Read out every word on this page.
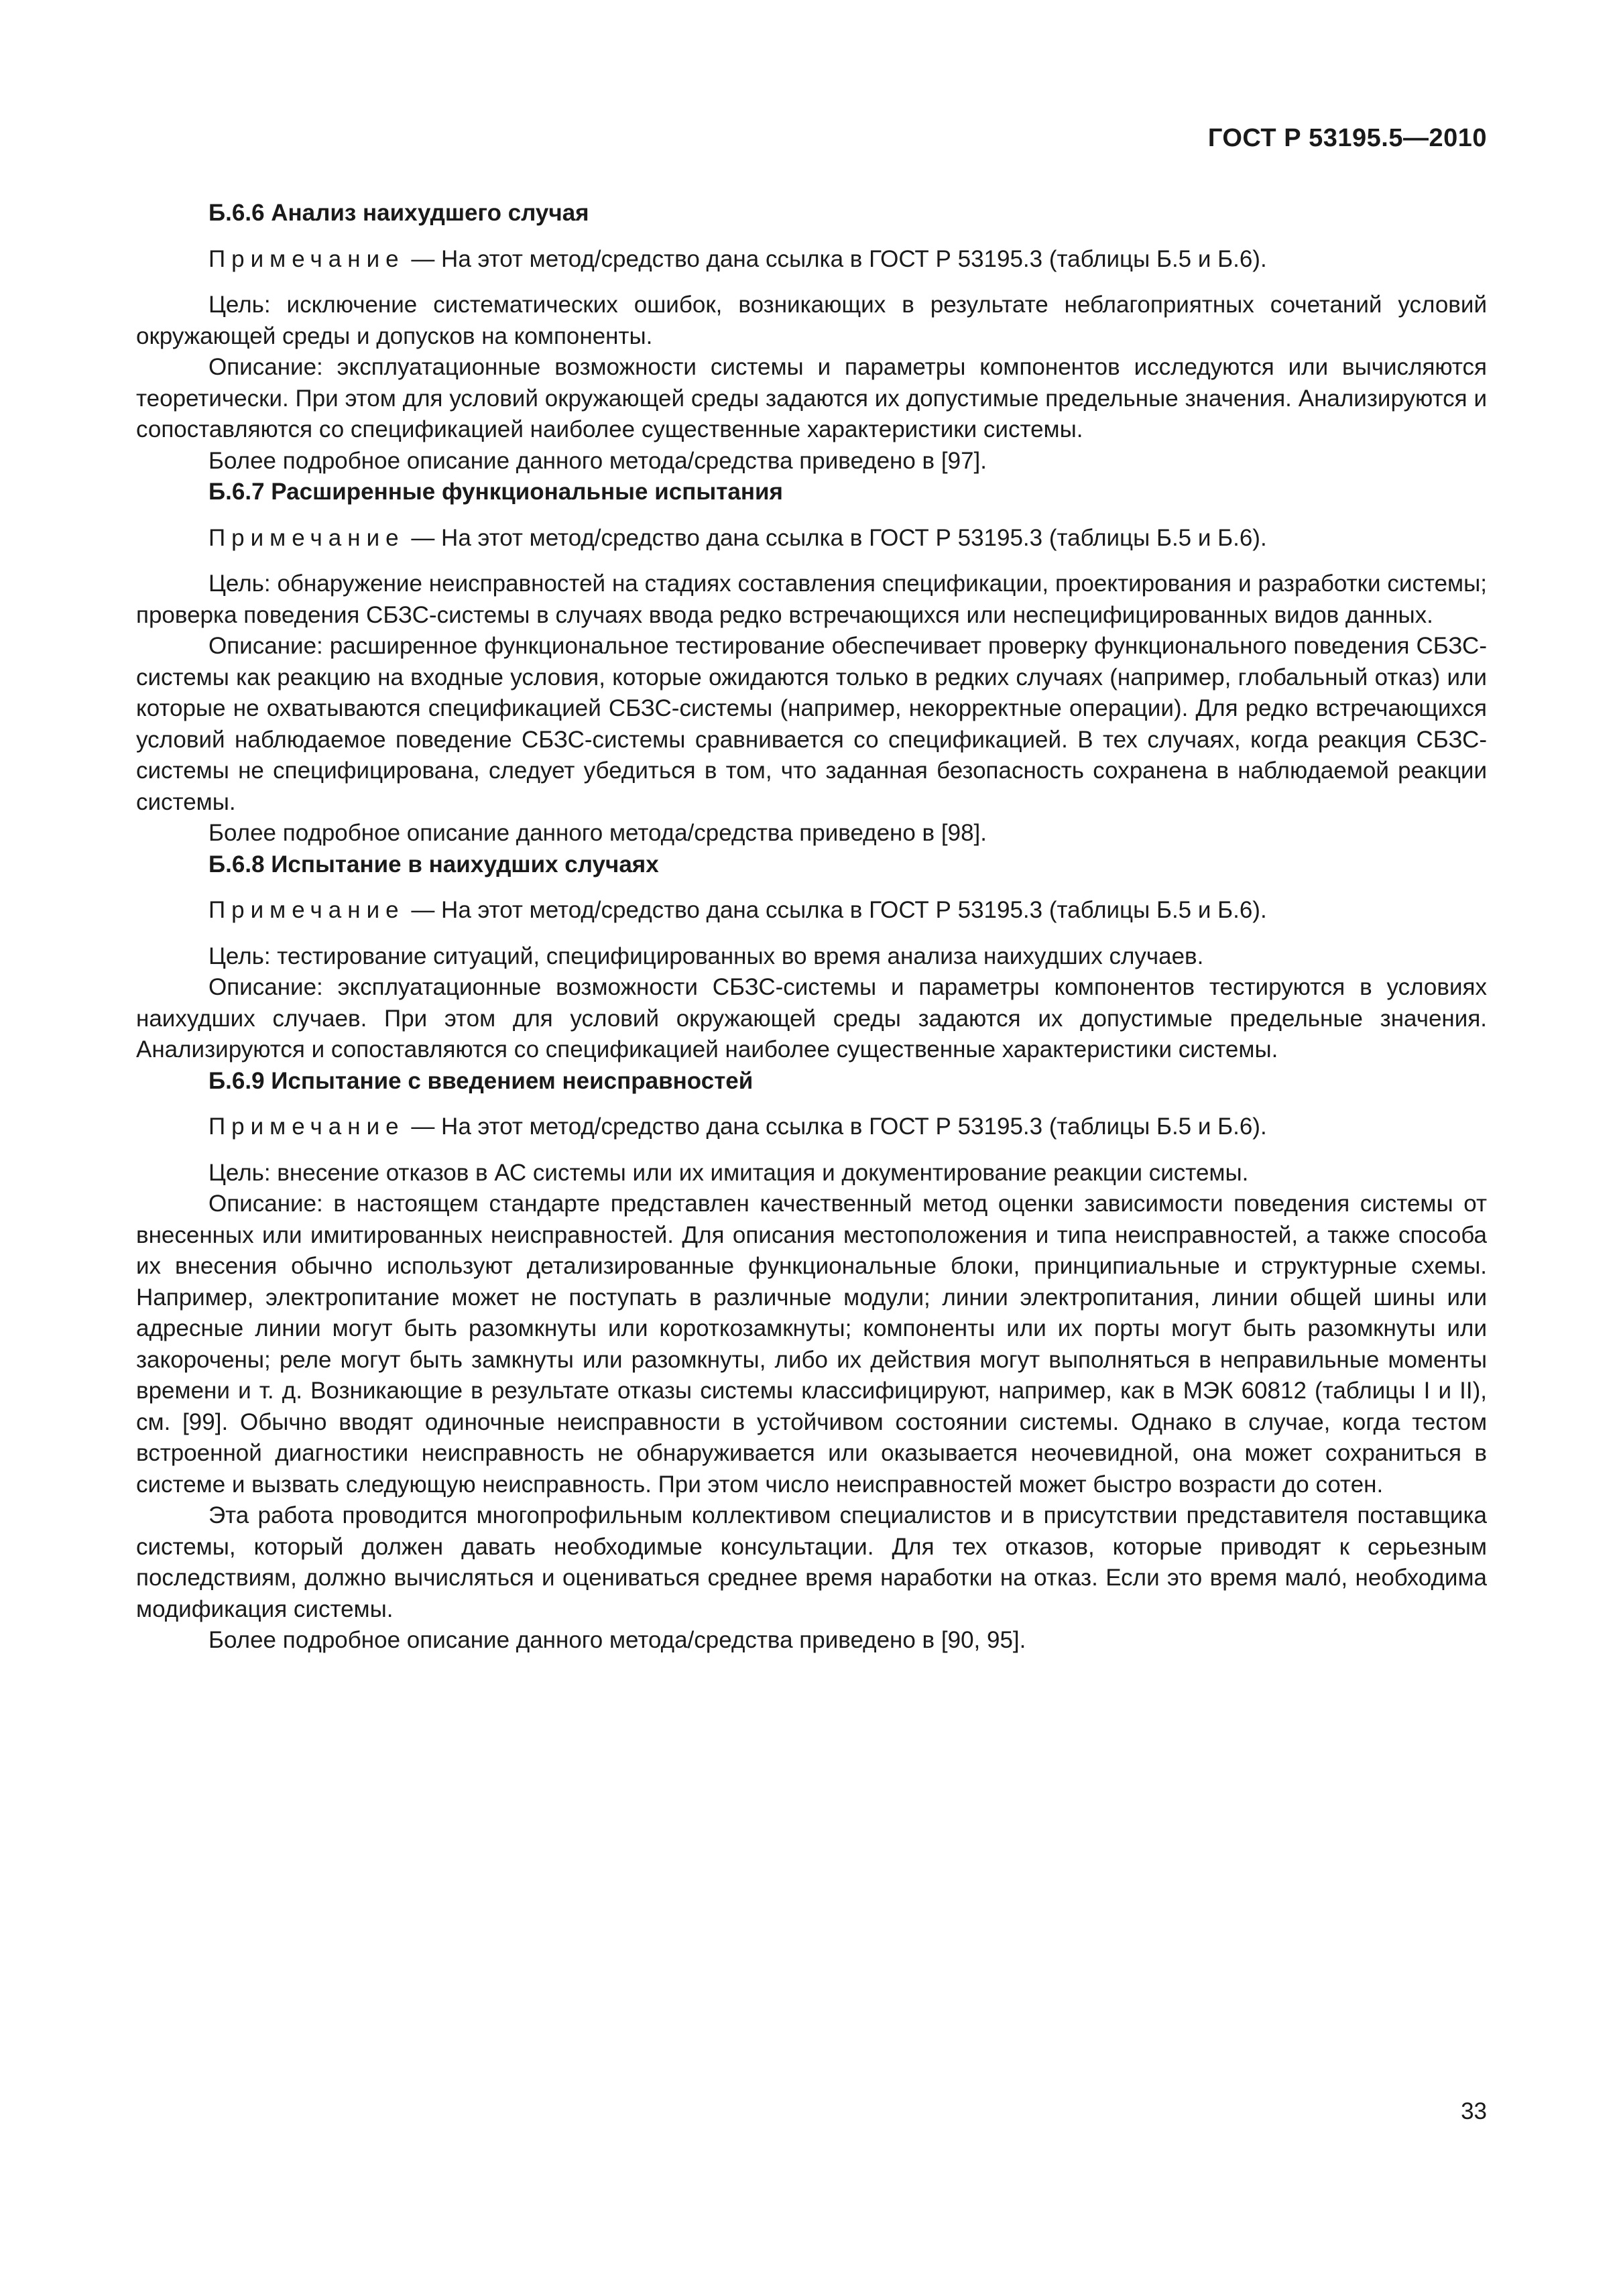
ГОСТ Р 53195.5—2010

Б.6.6 Анализ наихудшего случая

Примечание — На этот метод/средство дана ссылка в ГОСТ Р 53195.3 (таблицы Б.5 и Б.6).

Цель: исключение систематических ошибок, возникающих в результате неблагоприятных сочетаний условий окружающей среды и допусков на компоненты.

Описание: эксплуатационные возможности системы и параметры компонентов исследуются или вычисляются теоретически. При этом для условий окружающей среды задаются их допустимые предельные значения. Анализируются и сопоставляются со спецификацией наиболее существенные характеристики системы.

Более подробное описание данного метода/средства приведено в [97].

Б.6.7 Расширенные функциональные испытания

Примечание — На этот метод/средство дана ссылка в ГОСТ Р 53195.3 (таблицы Б.5 и Б.6).

Цель: обнаружение неисправностей на стадиях составления спецификации, проектирования и разработки системы; проверка поведения СБЗС-системы в случаях ввода редко встречающихся или неспецифицированных видов данных.

Описание: расширенное функциональное тестирование обеспечивает проверку функционального поведения СБЗС-системы как реакцию на входные условия, которые ожидаются только в редких случаях (например, глобальный отказ) или которые не охватываются спецификацией СБЗС-системы (например, некорректные операции). Для редко встречающихся условий наблюдаемое поведение СБЗС-системы сравнивается со спецификацией. В тех случаях, когда реакция СБЗС-системы не специфицирована, следует убедиться в том, что заданная безопасность сохранена в наблюдаемой реакции системы.

Более подробное описание данного метода/средства приведено в [98].

Б.6.8 Испытание в наихудших случаях

Примечание — На этот метод/средство дана ссылка в ГОСТ Р 53195.3 (таблицы Б.5 и Б.6).

Цель: тестирование ситуаций, специфицированных во время анализа наихудших случаев.

Описание: эксплуатационные возможности СБЗС-системы и параметры компонентов тестируются в условиях наихудших случаев. При этом для условий окружающей среды задаются их допустимые предельные значения. Анализируются и сопоставляются со спецификацией наиболее существенные характеристики системы.

Б.6.9 Испытание с введением неисправностей

Примечание — На этот метод/средство дана ссылка в ГОСТ Р 53195.3 (таблицы Б.5 и Б.6).

Цель: внесение отказов в АС системы или их имитация и документирование реакции системы.

Описание: в настоящем стандарте представлен качественный метод оценки зависимости поведения системы от внесенных или имитированных неисправностей. Для описания местоположения и типа неисправностей, а также способа их внесения обычно используют детализированные функциональные блоки, принципиальные и структурные схемы. Например, электропитание может не поступать в различные модули; линии электропитания, линии общей шины или адресные линии могут быть разомкнуты или короткозамкнуты; компоненты или их порты могут быть разомкнуты или закорочены; реле могут быть замкнуты или разомкнуты, либо их действия могут выполняться в неправильные моменты времени и т. д. Возникающие в результате отказы системы классифицируют, например, как в МЭК 60812 (таблицы I и II), см. [99]. Обычно вводят одиночные неисправности в устойчивом состоянии системы. Однако в случае, когда тестом встроенной диагностики неисправность не обнаруживается или оказывается неочевидной, она может сохраниться в системе и вызвать следующую неисправность. При этом число неисправностей может быстро возрасти до сотен.

Эта работа проводится многопрофильным коллективом специалистов и в присутствии представителя поставщика системы, который должен давать необходимые консультации. Для тех отказов, которые приводят к серьезным последствиям, должно вычисляться и оцениваться среднее время наработки на отказ. Если это время мало́, необходима модификация системы.

Более подробное описание данного метода/средства приведено в [90, 95].

33
